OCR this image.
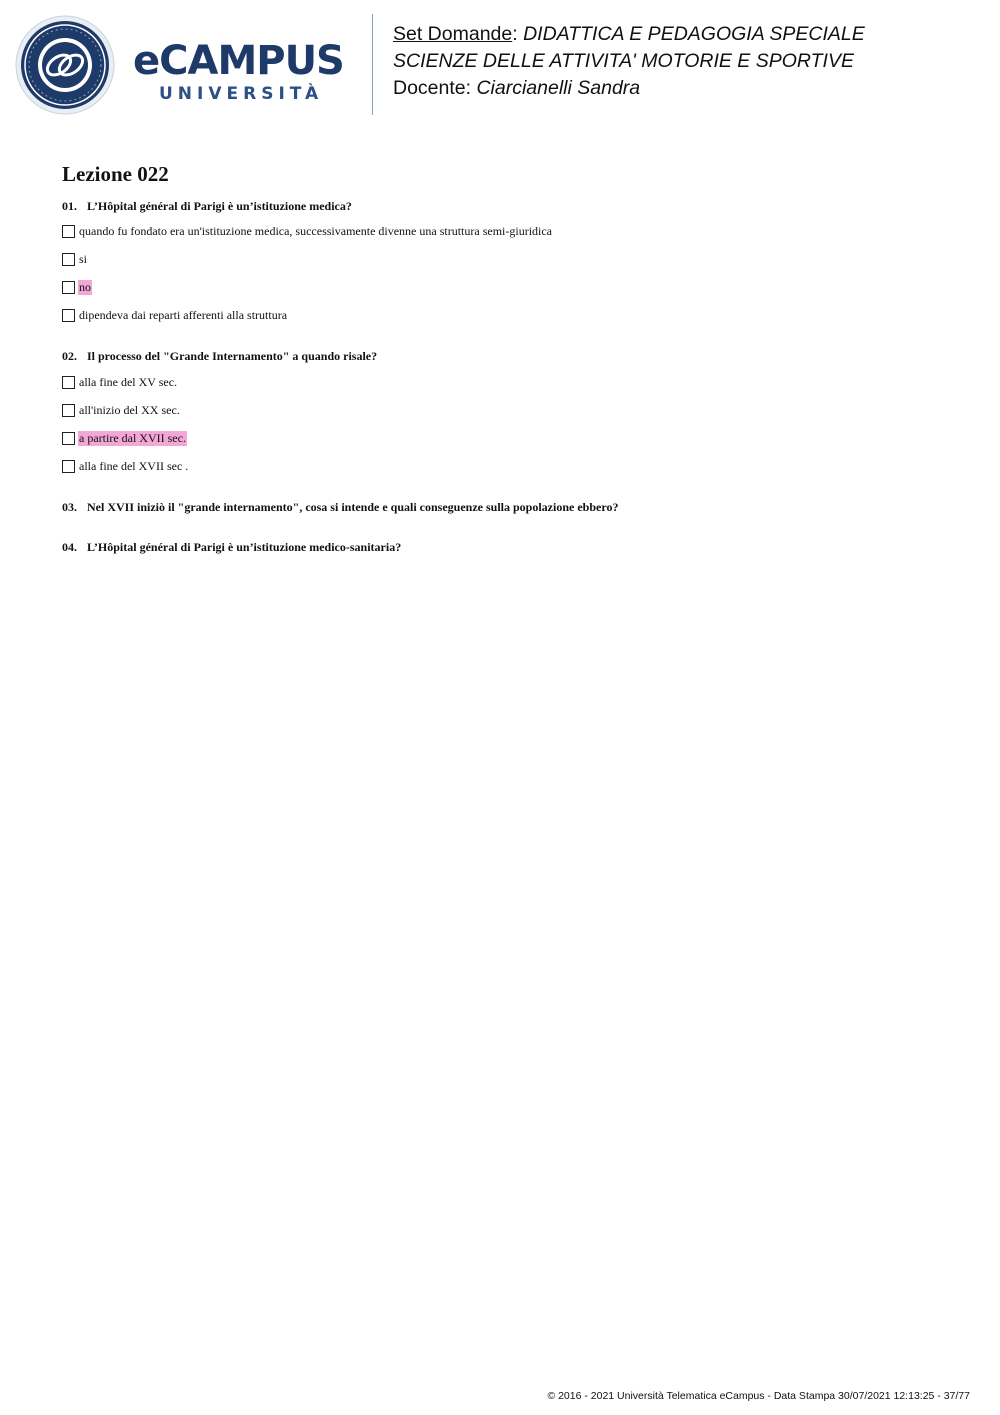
eCAMPUS
UNIVERSITÀ
Set Domande: DIDATTICA E PEDAGOGIA SPECIALE
SCIENZE DELLE ATTIVITA' MOTORIE E SPORTIVE
Docente: Ciarcianelli Sandra
Lezione 022
01. L’Hôpital général di Parigi è un’istituzione medica?
quando fu fondato era un'istituzione medica, successivamente divenne una struttura semi-giuridica
si
no
dipendeva dai reparti afferenti alla struttura
02. Il processo del "Grande Internamento" a quando risale?
alla fine del XV sec.
all'inizio del XX sec.
a partire dal XVII sec.
alla fine del XVII sec .
03. Nel XVII iniziò il "grande internamento", cosa si intende e quali conseguenze sulla popolazione ebbero?
04. L’Hôpital général di Parigi è un’istituzione medico-sanitaria?
© 2016 - 2021 Università Telematica eCampus - Data Stampa 30/07/2021 12:13:25 - 37/77
